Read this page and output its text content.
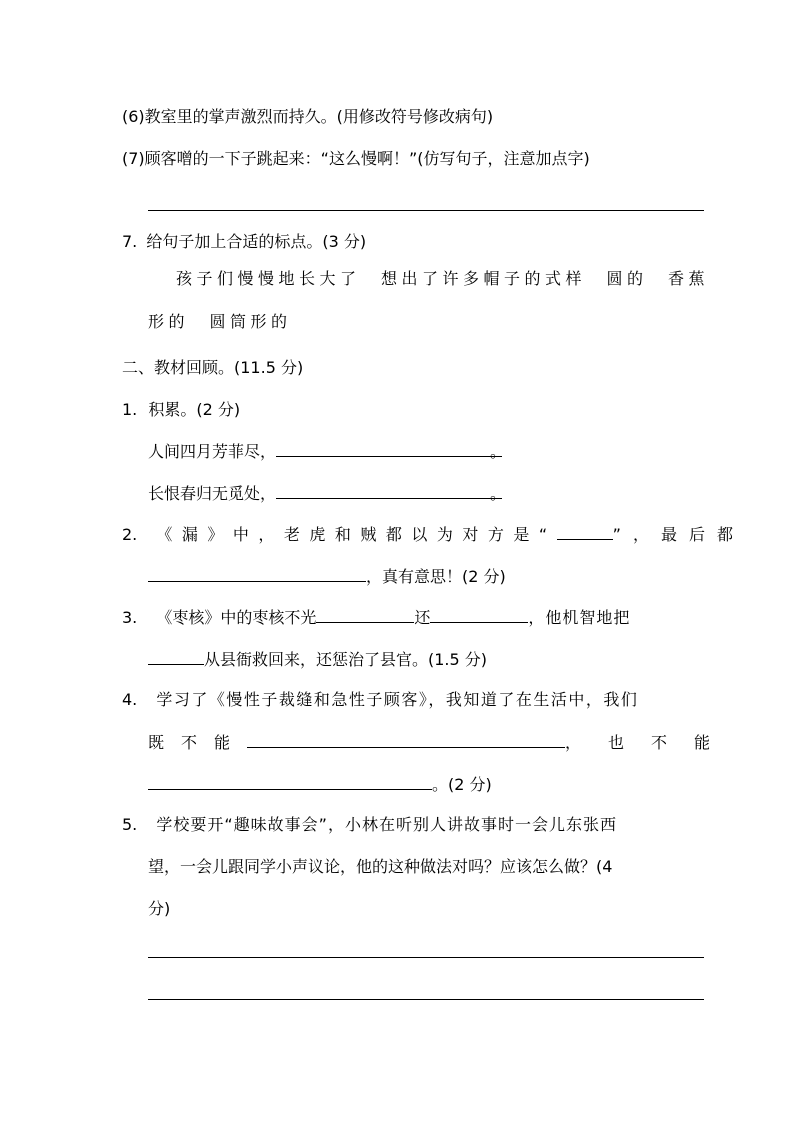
(6)教室里的掌声激烈而持久。(用修改符号修改病句)
(7)顾客噌的一下子跳起来：“这么慢啊！”(仿写句子，注意加点字)
7. 给句子加上合适的标点。(3 分)
孩子们慢慢地长大了　想出了许多帽子的式样　圆的　香蕉
形的　圆筒形的
二、教材回顾。(11.5 分)
1. 积累。(2 分)
人间四月芳菲尽，	。
长恨春归无觅处，	。
2. 《漏》中，老虎和贼都以为对方是“	”，最后都
，真有意思！(2 分)
3. 《枣核》中的枣核不光	还	，他机智地把
从县衙救回来，还惩治了县官。(1.5 分)
4. 学习了《慢性子裁缝和急性子顾客》，我知道了在生活中，我们
既不能	，也不能
。(2 分)
5. 学校要开“趣味故事会”，小林在听别人讲故事时一会儿东张西
望，一会儿跟同学小声议论，他的这种做法对吗？应该怎么做？(4
分)
